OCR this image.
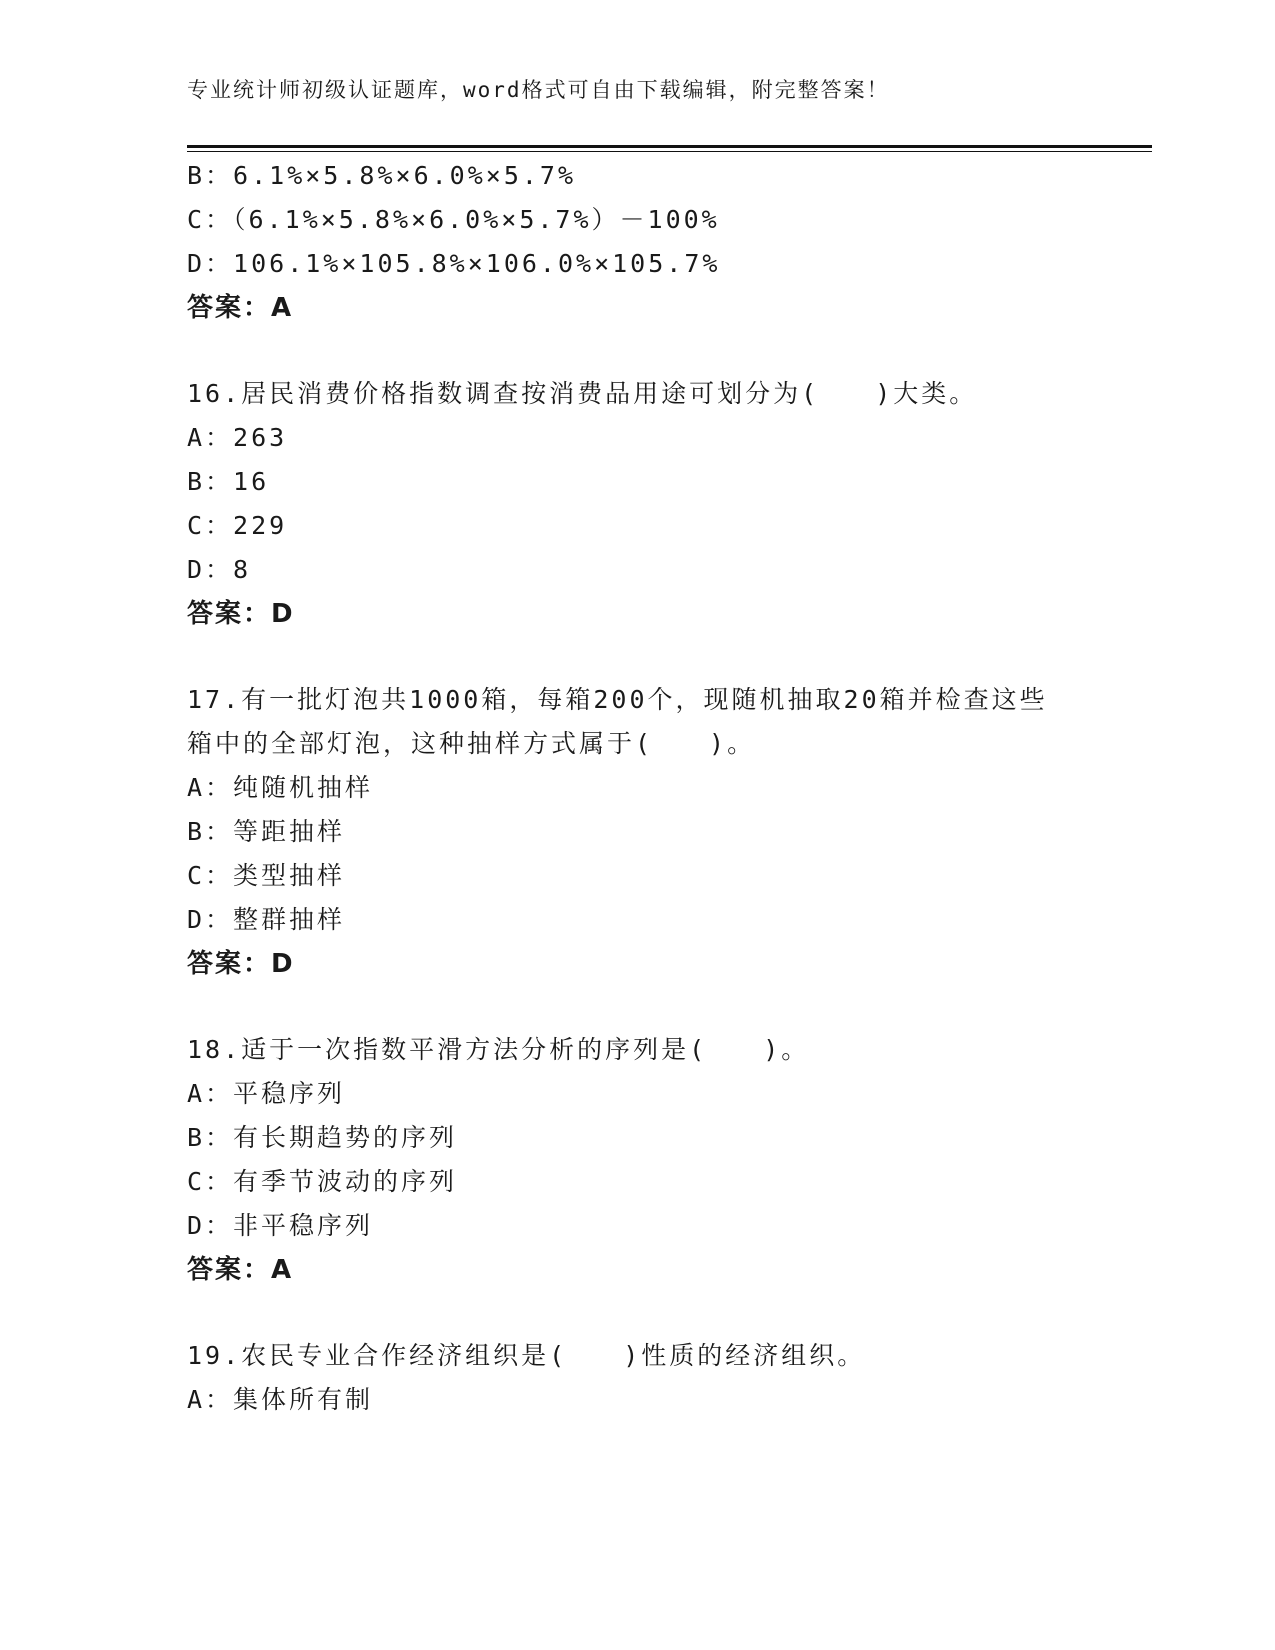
专业统计师初级认证题库，word格式可自由下载编辑，附完整答案！
B：6.1%×5.8%×6.0%×5.7%
C：（6.1%×5.8%×6.0%×5.7%）－100%
D：106.1%×105.8%×106.0%×105.7%
答案：A
16.居民消费价格指数调查按消费品用途可划分为(　　)大类。
A：263
B：16
C：229
D：8
答案：D
17.有一批灯泡共1000箱，每箱200个，现随机抽取20箱并检查这些
箱中的全部灯泡，这种抽样方式属于(　　)。
A：纯随机抽样
B：等距抽样
C：类型抽样
D：整群抽样
答案：D
18.适于一次指数平滑方法分析的序列是(　　)。
A：平稳序列
B：有长期趋势的序列
C：有季节波动的序列
D：非平稳序列
答案：A
19.农民专业合作经济组织是(　　)性质的经济组织。
A：集体所有制
